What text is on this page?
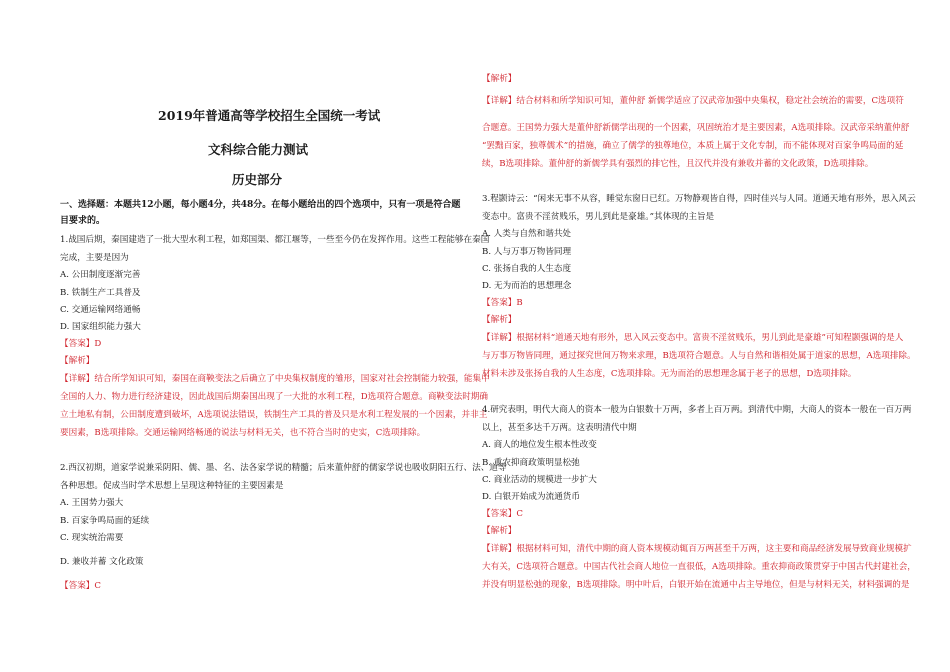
2019年普通高等学校招生全国统一考试
文科综合能力测试
历史部分
一、选择题：本题共12小题，每小题4分，共48分。在每小题给出的四个选项中，只有一项是符合题
目要求的。
1.战国后期，秦国建造了一批大型水利工程，如郑国渠、都江堰等，一些至今仍在发挥作用。这些工程能够在秦国
完成，主要是因为
A. 公田制度逐渐完善
B. 铁制生产工具普及
C. 交通运输网络通畅
D. 国家组织能力强大
【答案】D
【解析】
【详解】结合所学知识可知，秦国在商鞅变法之后确立了中央集权制度的雏形，国家对社会控制能力较强，能集中
全国的人力、物力进行经济建设，因此战国后期秦国出现了一大批的水利工程，D选项符合题意。商鞅变法时期确
立土地私有制，公田制度遭到破坏，A选项说法错误，铁制生产工具的普及只是水利工程发展的一个因素，并非主
要因素，B选项排除。交通运输网络畅通的说法与材料无关，也不符合当时的史实，C选项排除。
2.西汉初期，道家学说兼采阴阳、儒、墨、名、法各家学说的精髓；后来董仲舒的儒家学说也吸收阴阳五行、法、道等
各种思想。促成当时学术思想上呈现这种特征的主要因素是
A. 王国势力强大
B. 百家争鸣局面的延续
C. 现实统治需要
D. 兼收并蓄 文化政策
【答案】C
【解析】
【详解】结合材料和所学知识可知，董仲舒 新儒学适应了汉武帝加强中央集权，稳定社会统治的需要，C选项符
合题意。王国势力强大是董仲舒新儒学出现的一个因素，巩固统治才是主要因素，A选项排除。汉武帝采纳董仲舒
“罢黜百家，独尊儒术”的措施，确立了儒学的独尊地位，本质上属于文化专制，而不能体现对百家争鸣局面的延
续，B选项排除。董仲舒的新儒学具有强烈的排它性，且汉代并没有兼收并蓄的文化政策，D选项排除。
3.程颢诗云：“闲来无事不从容，睡觉东窗日已红。万物静观皆自得，四时佳兴与人同。道通天地有形外，思入风云
变态中。富贵不淫贫贱乐，男儿到此是豪雄。”其体现的主旨是
A. 人类与自然和谐共处
B. 人与万事万物皆同理
C. 张扬自我的人生态度
D. 无为而治的思想理念
【答案】B
【解析】
【详解】根据材料“道通天地有形外，思入风云变态中。富贵不淫贫贱乐，男儿到此是豪雄”可知程颢强调的是人
与万事万物皆同理，通过探究世间万物来求理，B选项符合题意。人与自然和谐相处属于道家的思想，A选项排除。
材料未涉及张扬自我的人生态度，C选项排除。无为而治的思想理念属于老子的思想，D选项排除。
4.研究表明，明代大商人的资本一般为白银数十万两，多者上百万两。到清代中期，大商人的资本一般在一百万两
以上，甚至多达千万两。这表明清代中期
A. 商人的地位发生根本性改变
B. 重农抑商政策明显松弛
C. 商业活动的规模进一步扩大
D. 白银开始成为流通货币
【答案】C
【解析】
【详解】根据材料可知，清代中期的商人资本规模动辄百万两甚至千万两，这主要和商品经济发展导致商业规模扩
大有关，C选项符合题意。中国古代社会商人地位一直很低，A选项排除。重农抑商政策贯穿于中国古代封建社会，
并没有明显松弛的现象，B选项排除。明中叶后，白银开始在流通中占主导地位，但是与材料无关，材料强调的是
